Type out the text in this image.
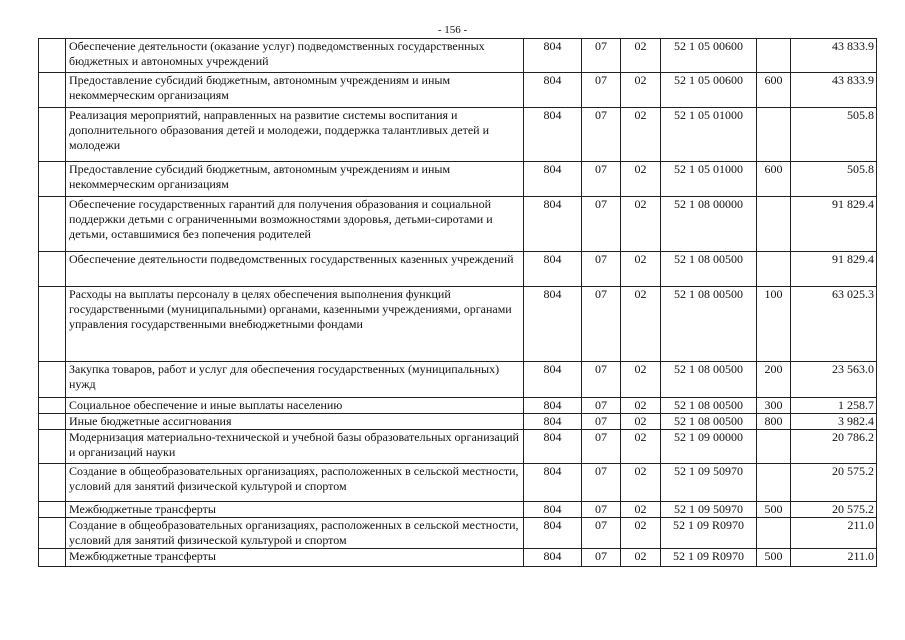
- 156 -
	Обеспечение деятельности (оказание услуг) подведомственных государственных бюджетных и автономных учреждений	804	07	02	52 1 05 00600		43 833.9
	Предоставление субсидий бюджетным, автономным учреждениям и иным некоммерческим организациям	804	07	02	52 1 05 00600	600	43 833.9
	Реализация мероприятий, направленных на развитие системы воспитания и дополнительного образования детей и молодежи, поддержка талантливых детей и молодежи	804	07	02	52 1 05 01000		505.8
	Предоставление субсидий бюджетным, автономным учреждениям и иным некоммерческим организациям	804	07	02	52 1 05 01000	600	505.8
	Обеспечение государственных гарантий для получения образования и социальной поддержки детьми с ограниченными возможностями здоровья, детьми-сиротами и детьми, оставшимися без попечения родителей	804	07	02	52 1 08 00000		91 829.4
	Обеспечение деятельности подведомственных государственных казенных учреждений	804	07	02	52 1 08 00500		91 829.4
	Расходы на выплаты персоналу в целях обеспечения выполнения функций государственными (муниципальными) органами, казенными учреждениями, органами управления государственными внебюджетными фондами	804	07	02	52 1 08 00500	100	63 025.3
	Закупка товаров, работ и услуг для обеспечения государственных (муниципальных) нужд	804	07	02	52 1 08 00500	200	23 563.0
	Социальное обеспечение и иные выплаты населению	804	07	02	52 1 08 00500	300	1 258.7
	Иные бюджетные ассигнования	804	07	02	52 1 08 00500	800	3 982.4
	Модернизация материально-технической и учебной базы образовательных организаций и организаций науки	804	07	02	52 1 09 00000		20 786.2
	Создание в общеобразовательных организациях, расположенных в сельской местности, условий для занятий физической культурой и спортом	804	07	02	52 1 09 50970		20 575.2
	Межбюджетные трансферты	804	07	02	52 1 09 50970	500	20 575.2
	Создание в общеобразовательных организациях, расположенных в сельской местности, условий для занятий физической культурой и спортом	804	07	02	52 1 09 R0970		211.0
	Межбюджетные трансферты	804	07	02	52 1 09 R0970	500	211.0
